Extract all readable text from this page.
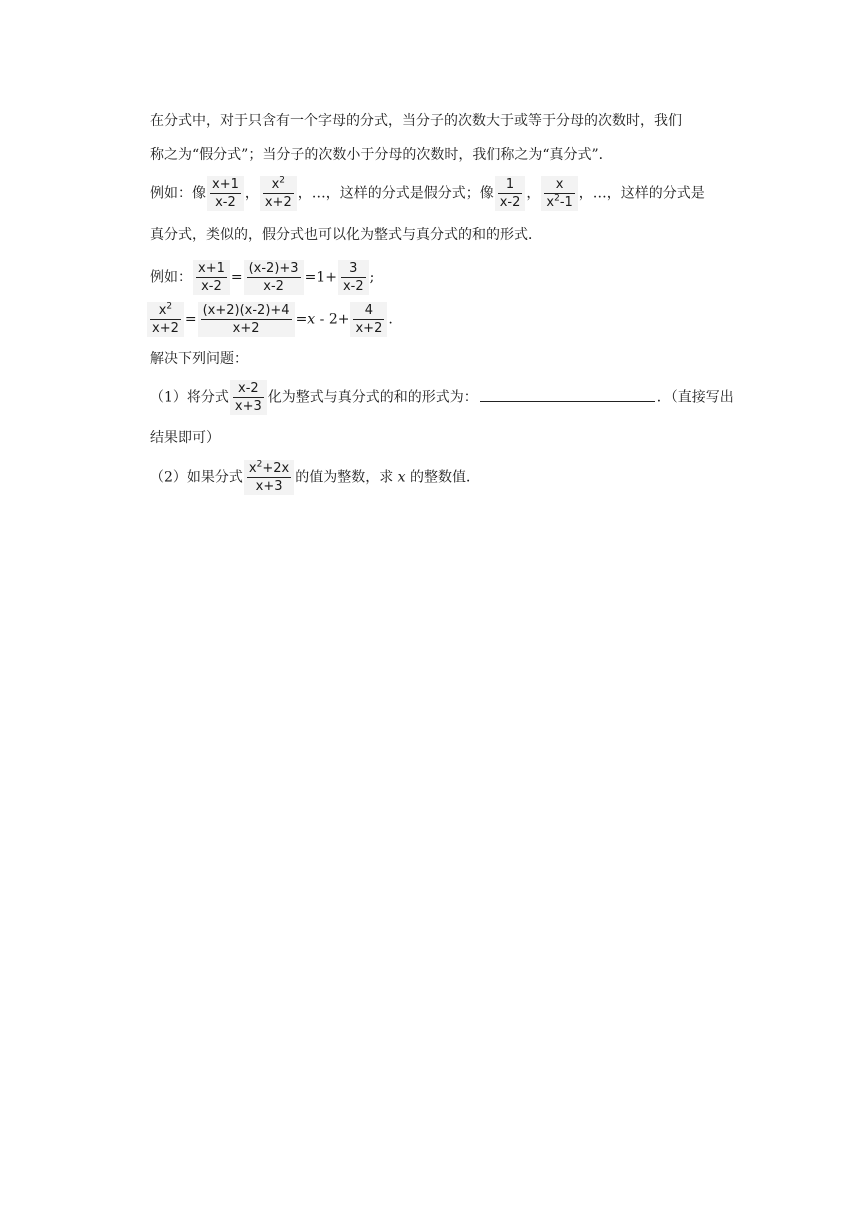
在分式中，对于只含有一个字母的分式，当分子的次数大于或等于分母的次数时，我们
称之为“假分式”；当分子的次数小于分母的次数时，我们称之为“真分式”．
例如：像 $\frac{x+1}{x-2}$ ， $\frac{x^2}{x+2}$ ，…，这样的分式是假分式；像 $\frac{1}{x-2}$ ， $\frac{x}{x^2-1}$ ，…，这样的分式是
真分式，类似的，假分式也可以化为整式与真分式的和的形式．
例如： $\frac{x+1}{x-2} = \frac{(x-2)+3}{x-2} =1+ \frac{3}{x-2}$ ;
$\frac{x^2}{x+2} = \frac{(x+2)(x-2)+4}{x+2} =x - 2+ \frac{4}{x+2}$ .
解决下列问题：
（1）将分式 $\frac{x-2}{x+3}$ 化为整式与真分式的和的形式为：	．（直接写出
结果即可）
（2）如果分式 $\frac{x^2+2x}{x+3}$ 的值为整数，求 x 的整数值．
